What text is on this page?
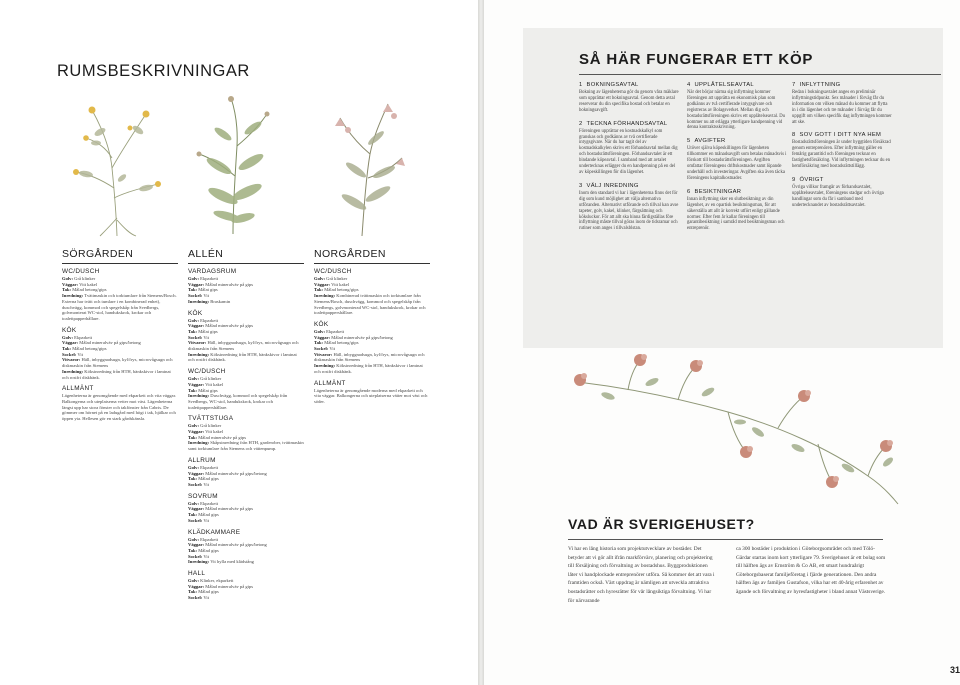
RUMSBESKRIVNINGAR
SÖRGÅRDEN
WC/DUSCH
Golv: Grå klinker
Väggar: Vitt kakel
Tak: Målad betong/gips
Inredning: Tvättmaskin och torktumlare från Siemens/Bosch. Externa har tvätt och tumlare i en kombinerad enhet), duschvägg, kommod och spegelskåp från Svedbergs, golvmonterat WC-stol, handukskrok, krokar och toalettpapperhållare.
KÖK
Golv: Ekparkett
Väggar: Målad mineralväv på gips/betong
Tak: Målad betong/gips
Sockel: Vit
Vitvaror: Häll, inbyggnadsugn, kyl/frys, microvågsugn och diskmaskin från Siemens
Inredning: Köksinredning från HTH, bänkskivor i laminat och rostfri diskbänk.
ALLMÄNT
Lägenheterna är genomgående med ekparkett och vita väggar. Balkongerna och uteplatserna vetter mot väst. Lägenheterna längst upp har stora fönster och takfönster från Cabris. De gömmer om hörnet på en ladugård med högt i tak, hjälkar och öppen yta. Hellesen gör en stark gårdskänsla.
ALLÉN
VARDAGSRUM
Golv: Ekparkett
Väggar: Målad mineralväv på gips
Tak: Målat gips
Sockel: Vit
Inredning: Braskamin
KÖK
Golv: Ekparkett
Väggar: Målad mineralväv på gips
Tak: Målat gips
Sockel: Vit
Vitvaror: Häll, inbyggnadsugn, kyl/frys, microvågsugn och diskmaskin från Siemens
Inredning: Köksinredning från HTH, bänkskivor i laminat och rostfri diskbänk.
WC/DUSCH
Golv: Grå klinker
Väggar: Vitt kakel
Tak: Målat gips
Inredning: Duschvägg, kommod och spegelskåp från Svedbergs, WC-stol, handukskrok, krokar och toalettpappershållare.
TVÄTTSTUGA
Golv: Grå klinker
Väggar: Vitt kakel
Tak: Målad mineralväv på gips
Inredning: Skåpsinredning från HTH, garderober, tvättmaskin samt torktumlare från Siemens och vättenpump.
ALLRUM
Golv: Ekparkett
Väggar: Målad mineralväv på gips/betong
Tak: Målad gips
Sockel: Vit
SOVRUM
Golv: Ekparkett
Väggar: Målad mineralväv på gips
Tak: Målad gips
Sockel: Vit
KLÄDKAMMARE
Golv: Ekparkett
Väggar: Målad mineralväv på gips/betong
Tak: Målad gips
Sockel: Vit
Inredning: Vit hylla med klädstång
HALL
Golv: Klinker, ekparkett
Väggar: Målad mineralväv på gips
Tak: Målad gips
Sockel: Vit
NORGÅRDEN
WC/DUSCH
Golv: Grå klinker
Väggar: Vitt kakel
Tak: Målad betong/gips
Inredning: Kombinerad tvättmaskin och torktumlare från Siemens/Bosch, duschvägg, kommod och spegelskåp från Svedbergs, golvmonterad WC-stol, handukskrok, krokar och toalettpappershållare.
KÖK
Golv: Ekparkett
Väggar: Målad mineralväv på gips/betong
Tak: Målad betong/gips
Sockel: Vit
Vitvaror: Häll, inbyggnadsugn, kyl/frys, microvågsugn och diskmaskin från Siemens
Inredning: Köksinredning från HTH, bänkskivor i laminat och rostfri diskbänk.
ALLMÄNT
Lägenheterna är genomgående moderna med ekparkett och vita väggar. Balkongerna och uteplatserna vätter mot väst och söder.
SÅ HÄR FUNGERAR ETT KÖP
1 BOKNINGSAVTAL
Bokning av lägenheterna gör du genom våra mäklare som upprättar ett bokningsavtal. Genom detta avtal reserverar du din specifika bostad och betalar en bokningsavgift.
2 TECKNA FÖRHANDSAVTAL
Föreningen upprättar en kostnadskalkyl som granskas och godkänns av två certifierade intygsgivare. När du har tagit del av kostnadskalkylen skrivs ett förhandsavtal mellan dig och bostadsrättsföreningen. Förhandsavtalet är ett bindande köpeavtal. I samband med att avtalet undertecknas erlägger du en handpenning på en del av köpeskillingen för din lägenhet.
3 VÄLJ INREDNING
Inom den standard vi har i lägenheterna finns det för dig som kund möjlighet att välja alternativa utföranden. Alternativt utförande och tillval kan avse tapeter, golv, kakel, klinker, färgsättning och köksluckor. För att allt ska hinna färdigställas före inflyttning måste tillval göras inom de tidsramar och rutiner som anges i tillvalsblstan.
4 UPPLÅTELSEAVTAL
När det börjar närma sig inflyttning kommer föreningen att upprätta en ekonomisk plan som godkänns av två certifierade intygsgivare och registreras av Bolagsverket. Mellan dig och bostadsrättsföreningen skrivs ett upplåtelseavtal. Du kommer nu att erlägga ytterligare handpenning vid denna kontraktsskrivning.
5 AVGIFTER
Utöver själva köpeskillingen för lägenheten tillkommer en månadsavgift som betalas månadsvis i förskott till bostadsrättsföreningen. Avgiften omfattar föreningens driftskostnader samt löpande underhåll och investeringar. Avgiften ska även täcka föreningens kapitalkostnader.
6 BESIKTNINGAR
Innan inflyttning sker en slutbesiktning av din lägenhet, av en opartisk besiktningsman, för att säkerställa att allt är korrekt utfört enligt gällande normer. Efter fem år kallar föreningen till garantibesiktning i samråd med besiktningsman och entreprenör.
7 INFLYTTNING
Redan i bokningsavtalet anges en preliminär inflyttningstidpunkt. Sex månader i förväg får du information om vilken månad du kommer att flytta in i din lägenhet och tre månader i förväg får du uppgift om vilken specifik dag inflyttningen kommer att ske.
8 SOV GOTT I DITT NYA HEM
Bostadsrättsföreningen är under byggtiden försäkrad genom entreprenören. Efter inflyttning gäller en femårig garantitid och föreningen tecknar en fastighetsförsäkring. Vid inflyttningen tecknar du en hemförsäkring med bostadsrättstillägg.
9 ÖVRIGT
Övriga villkor framgår av förhandsavtalet, upplåtelseavtalet, föreningens stadgar och övriga handlingar som du får i samband med undertecknandet av bostadsrättsavtalet.
VAD ÄR SVERIGEHUSET?

Vi har en lång historia som projektutvecklare av bostäder. Det betyder att vi gör allt ifrån markförvärv, planering och projektering till försäljning och förvaltning av bostadshus. Byggproduktionen låter vi handplockade entreprenörer utföra. Så kommer det att vara i framtiden också. Värt uppdrag är nämligen att utveckla attraktiva bostadsrätter och hyresrätter för vår långsiktiga förvaltning. Vi har för närvarande

ca 300 bostäder i produktion i Göteborgsområdet och med Tölö-Gärdar startas inom kort ytterligare 79. Sverigehuset är ett bolag som till hälften ägs av Ernström & Co AB, ett smart hundraårigt Göteborgsbaserat familjeföretag i fjärde generationen. Den andra hälften ägs av familjen Gustafson, vilka har ett 40-årig erfarenhet av ägande och förvaltning av hyresfastigheter i bland annat Västsverige.

31
